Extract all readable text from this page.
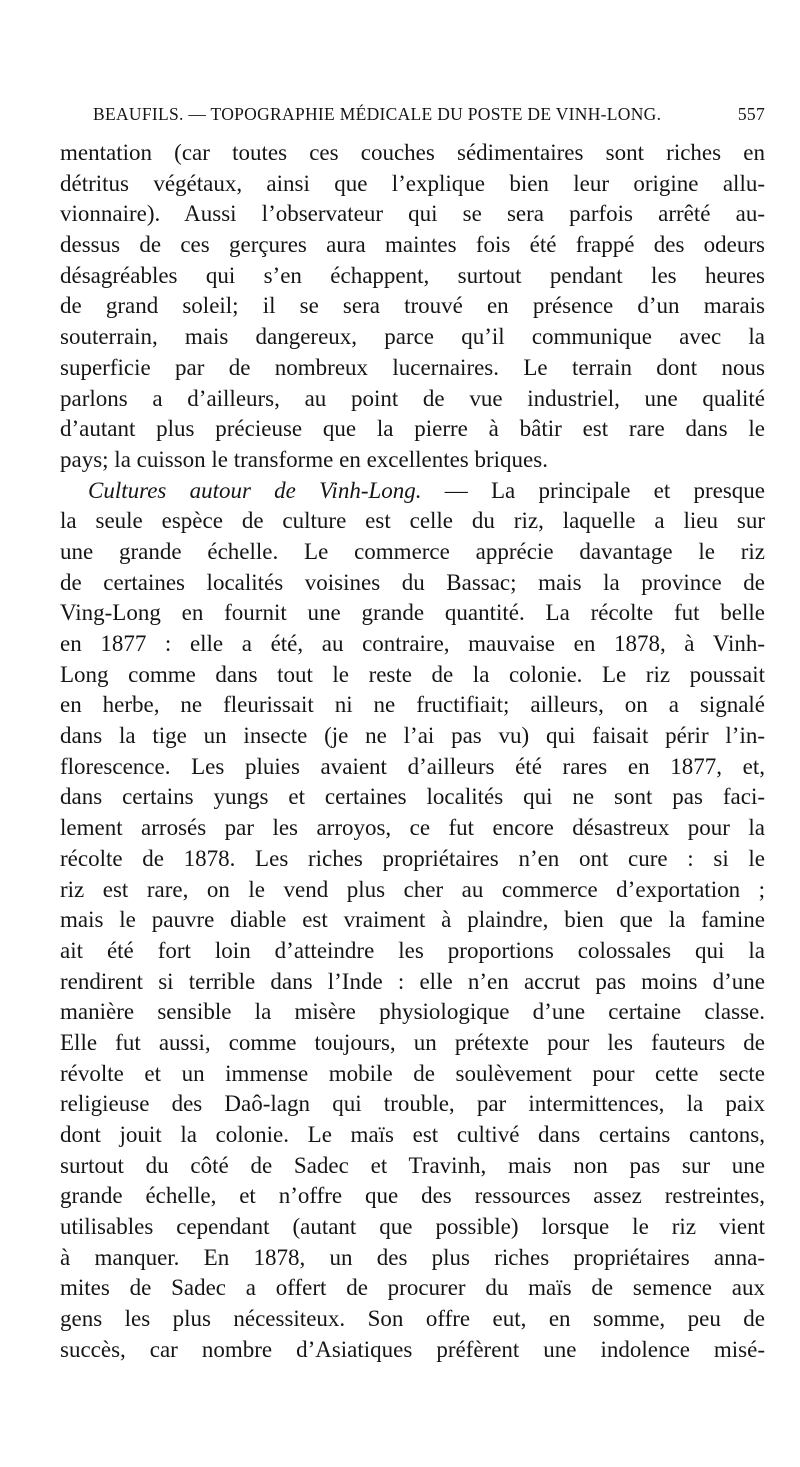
BEAUFILS. — TOPOGRAPHIE MÉDICALE DU POSTE DE VINH-LONG.	557
mentation (car toutes ces couches sédimentaires sont riches en
détritus végétaux, ainsi que l’explique bien leur origine allu-
vionnaire). Aussi l’observateur qui se sera parfois arrêté au-
dessus de ces gerçures aura maintes fois été frappé des odeurs
désagréables qui s’en échappent, surtout pendant les heures
de grand soleil; il se sera trouvé en présence d’un marais
souterrain, mais dangereux, parce qu’il communique avec la
superficie par de nombreux lucernaires. Le terrain dont nous
parlons a d’ailleurs, au point de vue industriel, une qualité
d’autant plus précieuse que la pierre à bâtir est rare dans le
pays; la cuisson le transforme en excellentes briques.
Cultures autour de Vinh-Long. — La principale et presque
la seule espèce de culture est celle du riz, laquelle a lieu sur
une grande échelle. Le commerce apprécie davantage le riz
de certaines localités voisines du Bassac; mais la province de
Ving-Long en fournit une grande quantité. La récolte fut belle
en 1877 : elle a été, au contraire, mauvaise en 1878, à Vinh-
Long comme dans tout le reste de la colonie. Le riz poussait
en herbe, ne fleurissait ni ne fructifiait; ailleurs, on a signalé
dans la tige un insecte (je ne l’ai pas vu) qui faisait périr l’in-
florescence. Les pluies avaient d’ailleurs été rares en 1877, et,
dans certains yungs et certaines localités qui ne sont pas faci-
lement arrosés par les arroyos, ce fut encore désastreux pour la
récolte de 1878. Les riches propriétaires n’en ont cure : si le
riz est rare, on le vend plus cher au commerce d’exportation ;
mais le pauvre diable est vraiment à plaindre, bien que la famine
ait été fort loin d’atteindre les proportions colossales qui la
rendirent si terrible dans l’Inde : elle n’en accrut pas moins d’une
manière sensible la misère physiologique d’une certaine classe.
Elle fut aussi, comme toujours, un prétexte pour les fauteurs de
révolte et un immense mobile de soulèvement pour cette secte
religieuse des Daô-lagn qui trouble, par intermittences, la paix
dont jouit la colonie. Le maïs est cultivé dans certains cantons,
surtout du côté de Sadec et Travinh, mais non pas sur une
grande échelle, et n’offre que des ressources assez restreintes,
utilisables cependant (autant que possible) lorsque le riz vient
à manquer. En 1878, un des plus riches propriétaires anna-
mites de Sadec a offert de procurer du maïs de semence aux
gens les plus nécessiteux. Son offre eut, en somme, peu de
succès, car nombre d’Asiatiques préfèrent une indolence misé-
